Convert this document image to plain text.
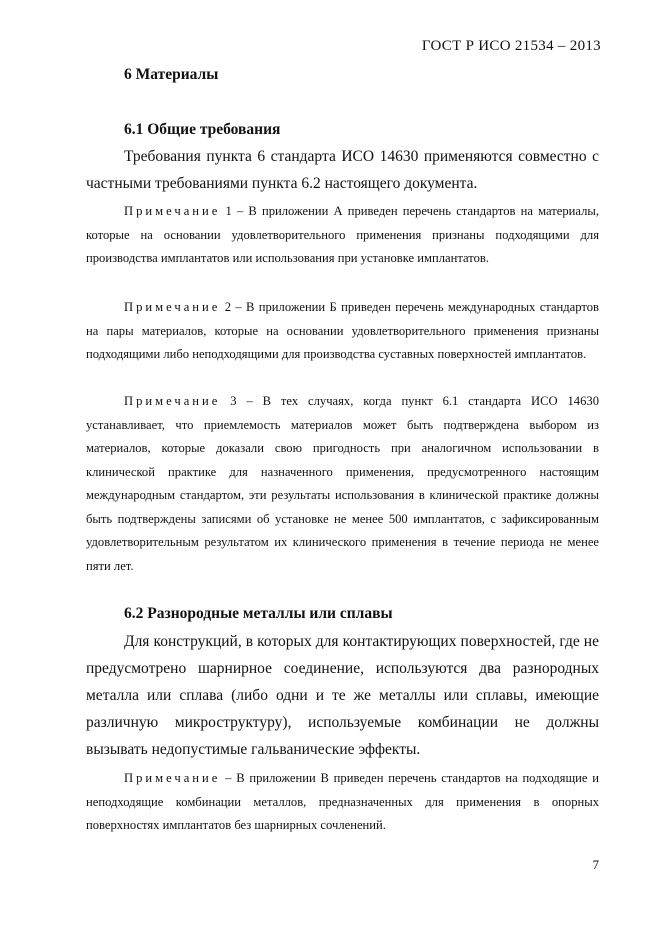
ГОСТ Р ИСО 21534 – 2013
6 Материалы
6.1 Общие требования
Требования пункта 6 стандарта ИСО 14630 применяются совместно с частными требованиями пункта 6.2 настоящего документа.
Примечание 1 – В приложении А приведен перечень стандартов на материалы, которые на основании удовлетворительного применения признаны подходящими для производства имплантатов или использования при установке имплантатов.
Примечание 2 – В приложении Б приведен перечень международных стандартов на пары материалов, которые на основании удовлетворительного применения признаны подходящими либо неподходящими для производства суставных поверхностей имплантатов.
Примечание 3 – В тех случаях, когда пункт 6.1 стандарта ИСО 14630 устанавливает, что приемлемость материалов может быть подтверждена выбором из материалов, которые доказали свою пригодность при аналогичном использовании в клинической практике для назначенного применения, предусмотренного настоящим международным стандартом, эти результаты использования в клинической практике должны быть подтверждены записями об установке не менее 500 имплантатов, с зафиксированным удовлетворительным результатом их клинического применения в течение периода не менее пяти лет.
6.2 Разнородные металлы или сплавы
Для конструкций, в которых для контактирующих поверхностей, где не предусмотрено шарнирное соединение, используются два разнородных металла или сплава (либо одни и те же металлы или сплавы, имеющие различную микроструктуру), используемые комбинации не должны вызывать недопустимые гальванические эффекты.
Примечание – В приложении В приведен перечень стандартов на подходящие и неподходящие комбинации металлов, предназначенных для применения в опорных поверхностях имплантатов без шарнирных сочленений.
7
